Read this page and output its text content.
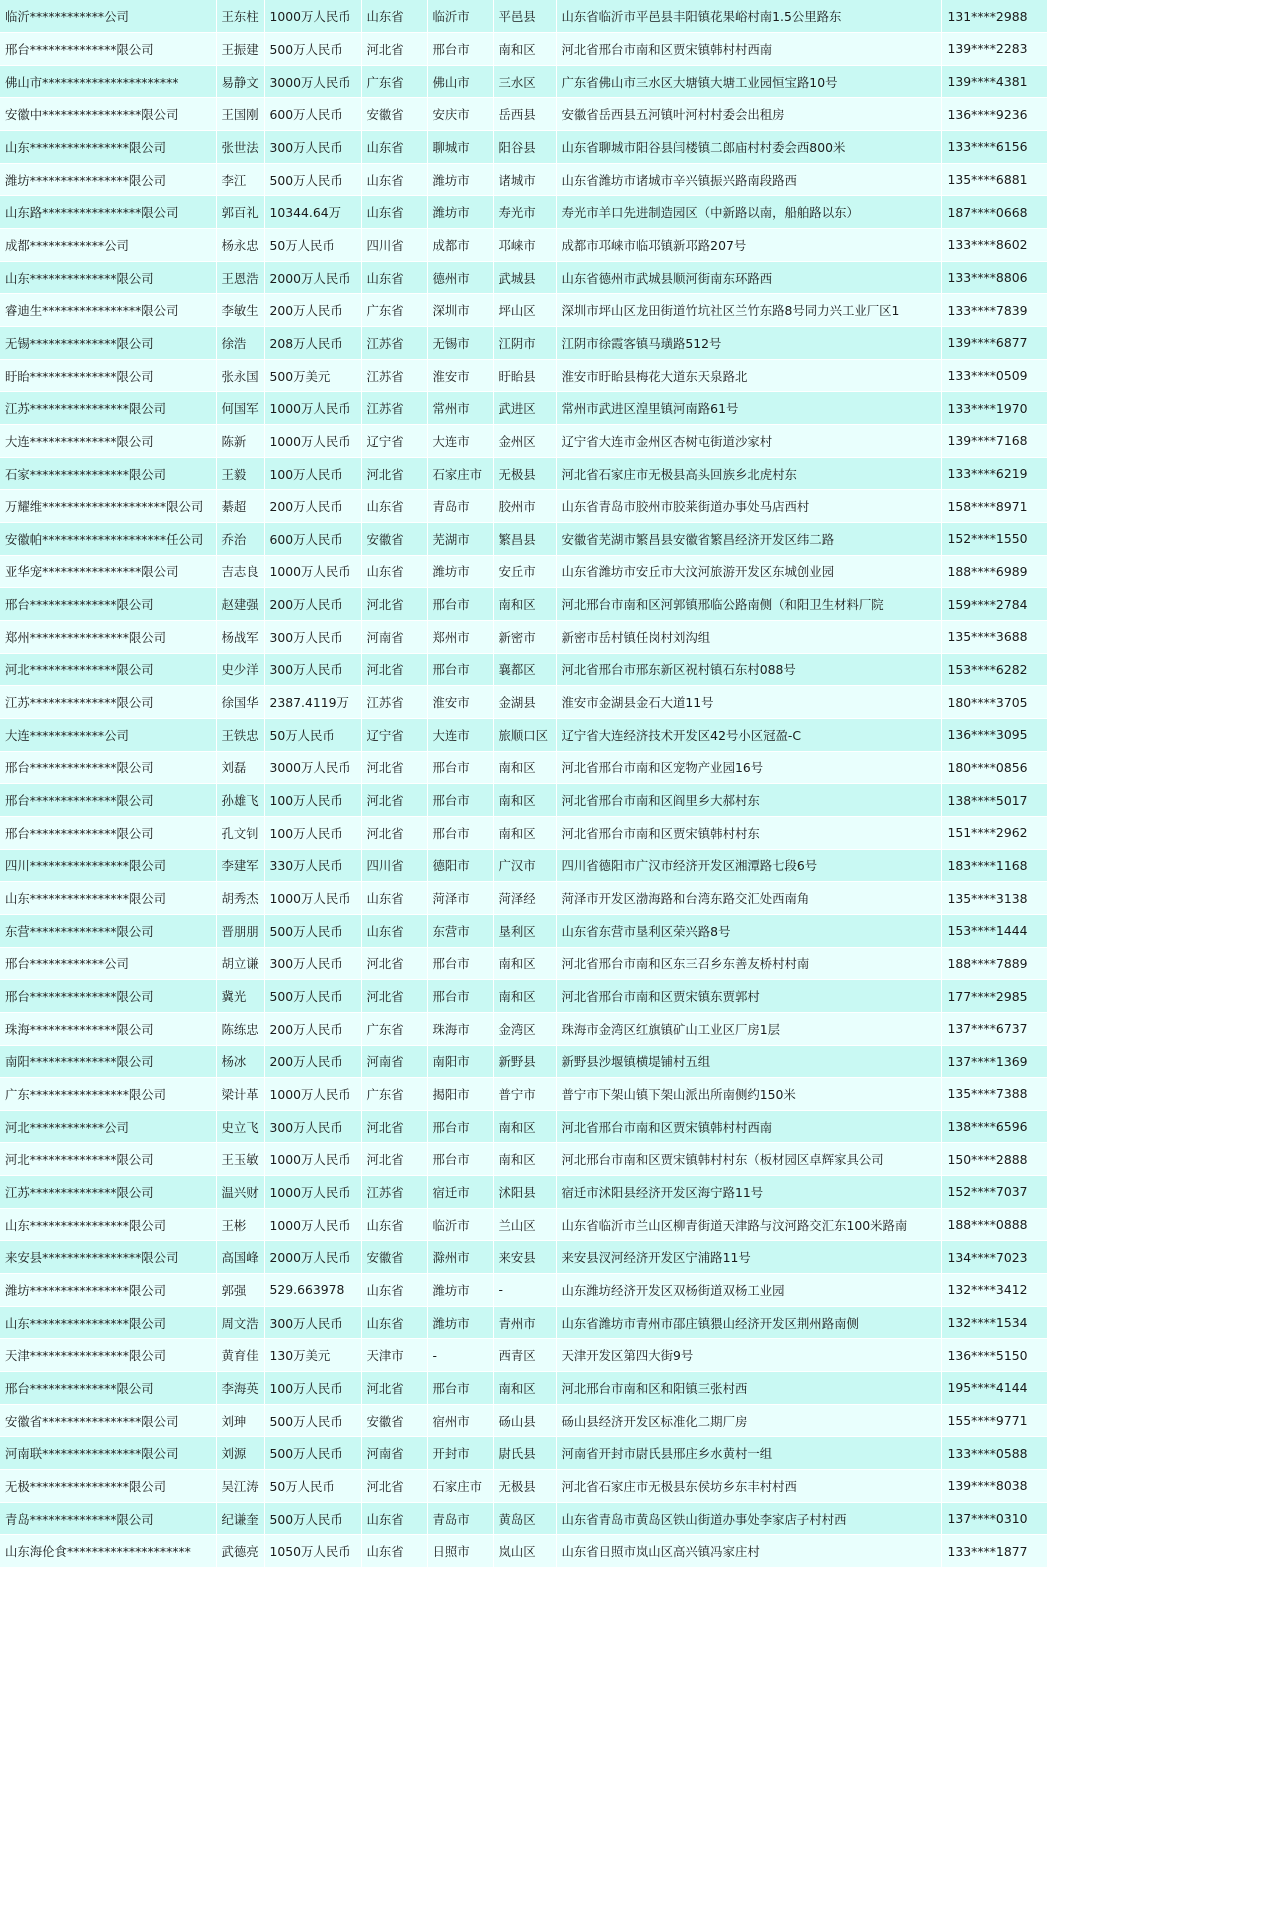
临沂************公司	王东柱	1000万人民币	山东省	临沂市	平邑县	山东省临沂市平邑县丰阳镇花果峪村南1.5公里路东	131****2988
邢台**************限公司	王振建	500万人民币	河北省	邢台市	南和区	河北省邢台市南和区贾宋镇韩村村西南	139****2283
佛山市**********************	易静文	3000万人民币	广东省	佛山市	三水区	广东省佛山市三水区大塘镇大塘工业园恒宝路10号	139****4381
安徽中****************限公司	王国刚	600万人民币	安徽省	安庆市	岳西县	安徽省岳西县五河镇叶河村村委会出租房	136****9236
山东****************限公司	张世法	300万人民币	山东省	聊城市	阳谷县	山东省聊城市阳谷县闫楼镇二郎庙村村委会西800米	133****6156
潍坊****************限公司	李江	500万人民币	山东省	潍坊市	诸城市	山东省潍坊市诸城市辛兴镇振兴路南段路西	135****6881
山东路****************限公司	郭百礼	10344.64万	山东省	潍坊市	寿光市	寿光市羊口先进制造园区（中新路以南，船舶路以东）	187****0668
成都************公司	杨永忠	50万人民币	四川省	成都市	邛崃市	成都市邛崃市临邛镇新邛路207号	133****8602
山东**************限公司	王恩浩	2000万人民币	山东省	德州市	武城县	山东省德州市武城县顺河街南东环路西	133****8806
睿迪生****************限公司	李敏生	200万人民币	广东省	深圳市	坪山区	深圳市坪山区龙田街道竹坑社区兰竹东路8号同力兴工业厂区1	133****7839
无锡**************限公司	徐浩	208万人民币	江苏省	无锡市	江阴市	江阴市徐霞客镇马璜路512号	139****6877
盱眙**************限公司	张永国	500万美元	江苏省	淮安市	盱眙县	淮安市盱眙县梅花大道东天泉路北	133****0509
江苏****************限公司	何国军	1000万人民币	江苏省	常州市	武进区	常州市武进区湟里镇河南路61号	133****1970
大连**************限公司	陈新	1000万人民币	辽宁省	大连市	金州区	辽宁省大连市金州区杏树屯街道沙家村	139****7168
石家****************限公司	王毅	100万人民币	河北省	石家庄市	无极县	河北省石家庄市无极县高头回族乡北虎村东	133****6219
万耀维********************限公司	綦超	200万人民币	山东省	青岛市	胶州市	山东省青岛市胶州市胶莱街道办事处马店西村	158****8971
安徽帕********************任公司	乔治	600万人民币	安徽省	芜湖市	繁昌县	安徽省芜湖市繁昌县安徽省繁昌经济开发区纬二路	152****1550
亚华宠****************限公司	吉志良	1000万人民币	山东省	潍坊市	安丘市	山东省潍坊市安丘市大汶河旅游开发区东城创业园	188****6989
邢台**************限公司	赵建强	200万人民币	河北省	邢台市	南和区	河北邢台市南和区河郭镇邢临公路南侧（和阳卫生材料厂院	159****2784
郑州****************限公司	杨战军	300万人民币	河南省	郑州市	新密市	新密市岳村镇任岗村刘沟组	135****3688
河北**************限公司	史少洋	300万人民币	河北省	邢台市	襄都区	河北省邢台市邢东新区祝村镇石东村088号	153****6282
江苏**************限公司	徐国华	2387.4119万	江苏省	淮安市	金湖县	淮安市金湖县金石大道11号	180****3705
大连************公司	王铁忠	50万人民币	辽宁省	大连市	旅顺口区	辽宁省大连经济技术开发区42号小区冠盈-C	136****3095
邢台**************限公司	刘磊	3000万人民币	河北省	邢台市	南和区	河北省邢台市南和区宠物产业园16号	180****0856
邢台**************限公司	孙雄飞	100万人民币	河北省	邢台市	南和区	河北省邢台市南和区阎里乡大郝村东	138****5017
邢台**************限公司	孔文钊	100万人民币	河北省	邢台市	南和区	河北省邢台市南和区贾宋镇韩村村东	151****2962
四川****************限公司	李建军	330万人民币	四川省	德阳市	广汉市	四川省德阳市广汉市经济开发区湘潭路七段6号	183****1168
山东****************限公司	胡秀杰	1000万人民币	山东省	菏泽市	菏泽经	菏泽市开发区渤海路和台湾东路交汇处西南角	135****3138
东营**************限公司	晋朋朋	500万人民币	山东省	东营市	垦利区	山东省东营市垦利区荣兴路8号	153****1444
邢台************公司	胡立谦	300万人民币	河北省	邢台市	南和区	河北省邢台市南和区东三召乡东善友桥村村南	188****7889
邢台**************限公司	冀光	500万人民币	河北省	邢台市	南和区	河北省邢台市南和区贾宋镇东贾郭村	177****2985
珠海**************限公司	陈练忠	200万人民币	广东省	珠海市	金湾区	珠海市金湾区红旗镇矿山工业区厂房1层	137****6737
南阳**************限公司	杨冰	200万人民币	河南省	南阳市	新野县	新野县沙堰镇横堤铺村五组	137****1369
广东****************限公司	梁计革	1000万人民币	广东省	揭阳市	普宁市	普宁市下架山镇下架山派出所南侧约150米	135****7388
河北************公司	史立飞	300万人民币	河北省	邢台市	南和区	河北省邢台市南和区贾宋镇韩村村西南	138****6596
河北**************限公司	王玉敏	1000万人民币	河北省	邢台市	南和区	河北邢台市南和区贾宋镇韩村村东（板材园区卓辉家具公司	150****2888
江苏**************限公司	温兴财	1000万人民币	江苏省	宿迁市	沭阳县	宿迁市沭阳县经济开发区海宁路11号	152****7037
山东****************限公司	王彬	1000万人民币	山东省	临沂市	兰山区	山东省临沂市兰山区柳青街道天津路与汶河路交汇东100米路南	188****0888
来安县****************限公司	高国峰	2000万人民币	安徽省	滁州市	来安县	来安县汊河经济开发区宁浦路11号	134****7023
潍坊****************限公司	郭强	529.663978	山东省	潍坊市	-	山东潍坊经济开发区双杨街道双杨工业园	132****3412
山东****************限公司	周文浩	300万人民币	山东省	潍坊市	青州市	山东省潍坊市青州市邵庄镇猥山经济开发区荆州路南侧	132****1534
天津****************限公司	黄育佳	130万美元	天津市	-	西青区	天津开发区第四大街9号	136****5150
邢台**************限公司	李海英	100万人民币	河北省	邢台市	南和区	河北邢台市南和区和阳镇三张村西	195****4144
安徽省****************限公司	刘珅	500万人民币	安徽省	宿州市	砀山县	砀山县经济开发区标准化二期厂房	155****9771
河南联****************限公司	刘源	500万人民币	河南省	开封市	尉氏县	河南省开封市尉氏县邢庄乡水黄村一组	133****0588
无极****************限公司	吴江涛	50万人民币	河北省	石家庄市	无极县	河北省石家庄市无极县东侯坊乡东丰村村西	139****8038
青岛**************限公司	纪谦奎	500万人民币	山东省	青岛市	黄岛区	山东省青岛市黄岛区铁山街道办事处李家店子村村西	137****0310
山东海伦食********************	武德亮	1050万人民币	山东省	日照市	岚山区	山东省日照市岚山区高兴镇冯家庄村	133****1877
